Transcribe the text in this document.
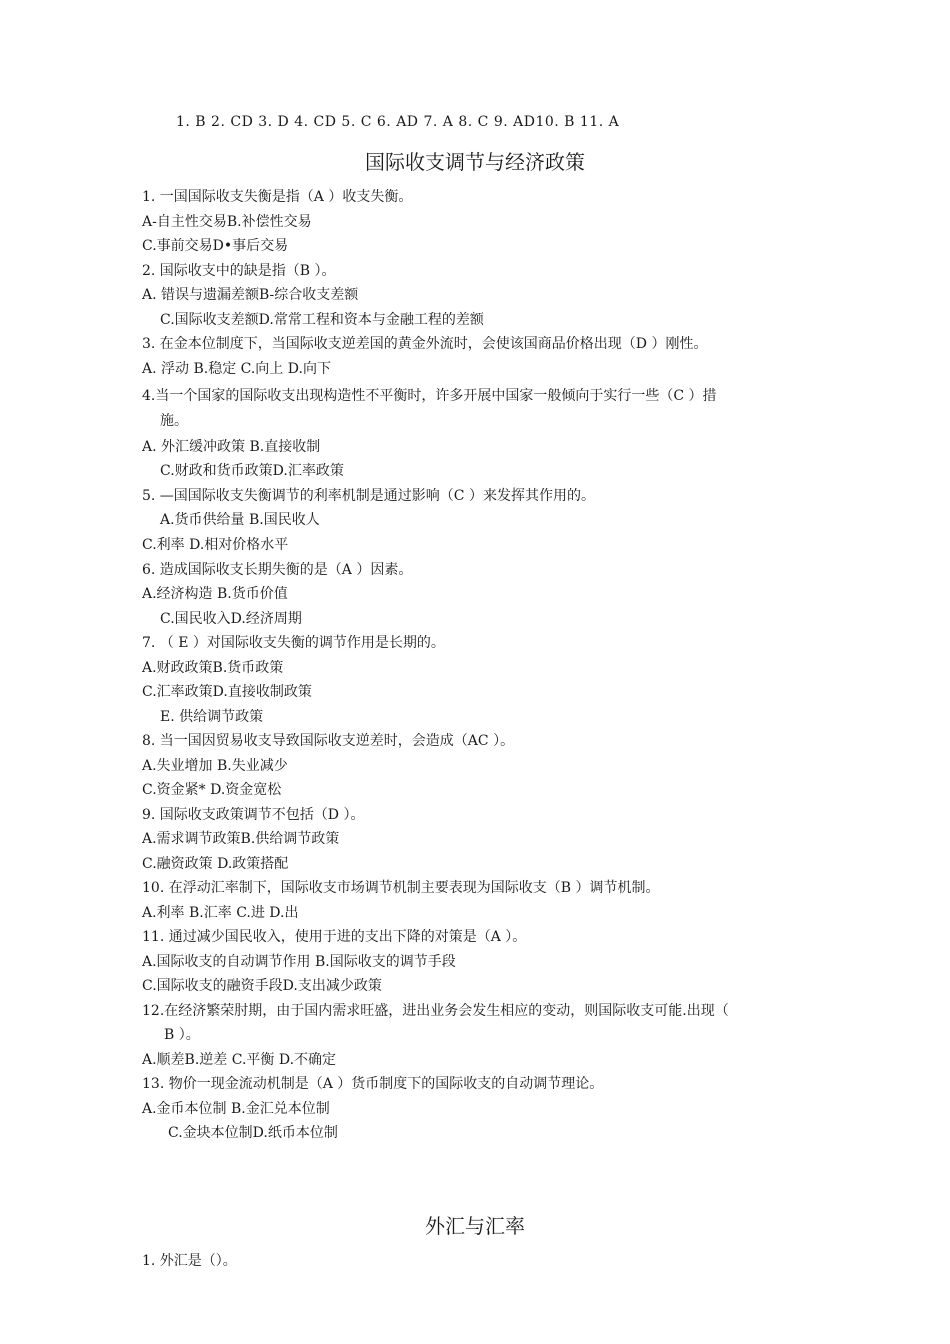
1. B 2. CD 3. D 4. CD 5. C 6. AD 7. A 8. C 9. AD10. B 11. A
国际收支调节与经济政策
1. 一国国际收支失衡是指（A ）收支失衡。
A-自主性交易B.补偿性交易
C.事前交易D•事后交易
2. 国际收支中的缺是指（B ）。
A. 错误与遗漏差额B-综合收支差额
C.国际收支差额D.常常工程和资本与金融工程的差额
3. 在金本位制度下，当国际收支逆差国的黄金外流时，会使该国商品价格出现（D ）刚性。
A. 浮动 B.稳定 C.向上 D.向下
4.当一个国家的国际收支出现构造性不平衡时，许多开展中国家一般倾向于实行一些（C ）措
施。
A. 外汇缓冲政策 B.直接收制
C.财政和货币政策D.汇率政策
5. —国国际收支失衡调节的利率机制是通过影响（C ）来发挥其作用的。
A.货币供给量 B.国民收人
C.利率 D.相对价格水平
6. 造成国际收支长期失衡的是（A ）因素。
A.经济构造 B.货币价值
C.国民收入D.经济周期
7. （ E ）对国际收支失衡的调节作用是长期的。
A.财政政策B.货币政策
C.汇率政策D.直接收制政策
E. 供给调节政策
8. 当一国因贸易收支导致国际收支逆差时，会造成（AC ）。
A.失业增加 B.失业减少
C.资金紧* D.资金宽松
9. 国际收支政策调节不包括（D ）。
A.需求调节政策B.供给调节政策
C.融资政策 D.政策搭配
10. 在浮动汇率制下，国际收支市场调节机制主要表现为国际收支（B ）调节机制。
A.利率 B.汇率 C.进 D.出
11. 通过减少国民收入，使用于进的支出下降的对策是（A ）。
A.国际收支的自动调节作用 B.国际收支的调节手段
C.国际收支的融资手段D.支出减少政策
12.在经济繁荣肘期，由于国内需求旺盛，进出业务会发生相应的变动，则国际收支可能.出现（
B ）。
A.顺差B.逆差 C.平衡 D.不确定
13. 物价一现金流动机制是（A ）货币制度下的国际收支的自动调节理论。
A.金币本位制 B.金汇兑本位制
C.金块本位制D.纸币本位制
外汇与汇率
1. 外汇是（）。
